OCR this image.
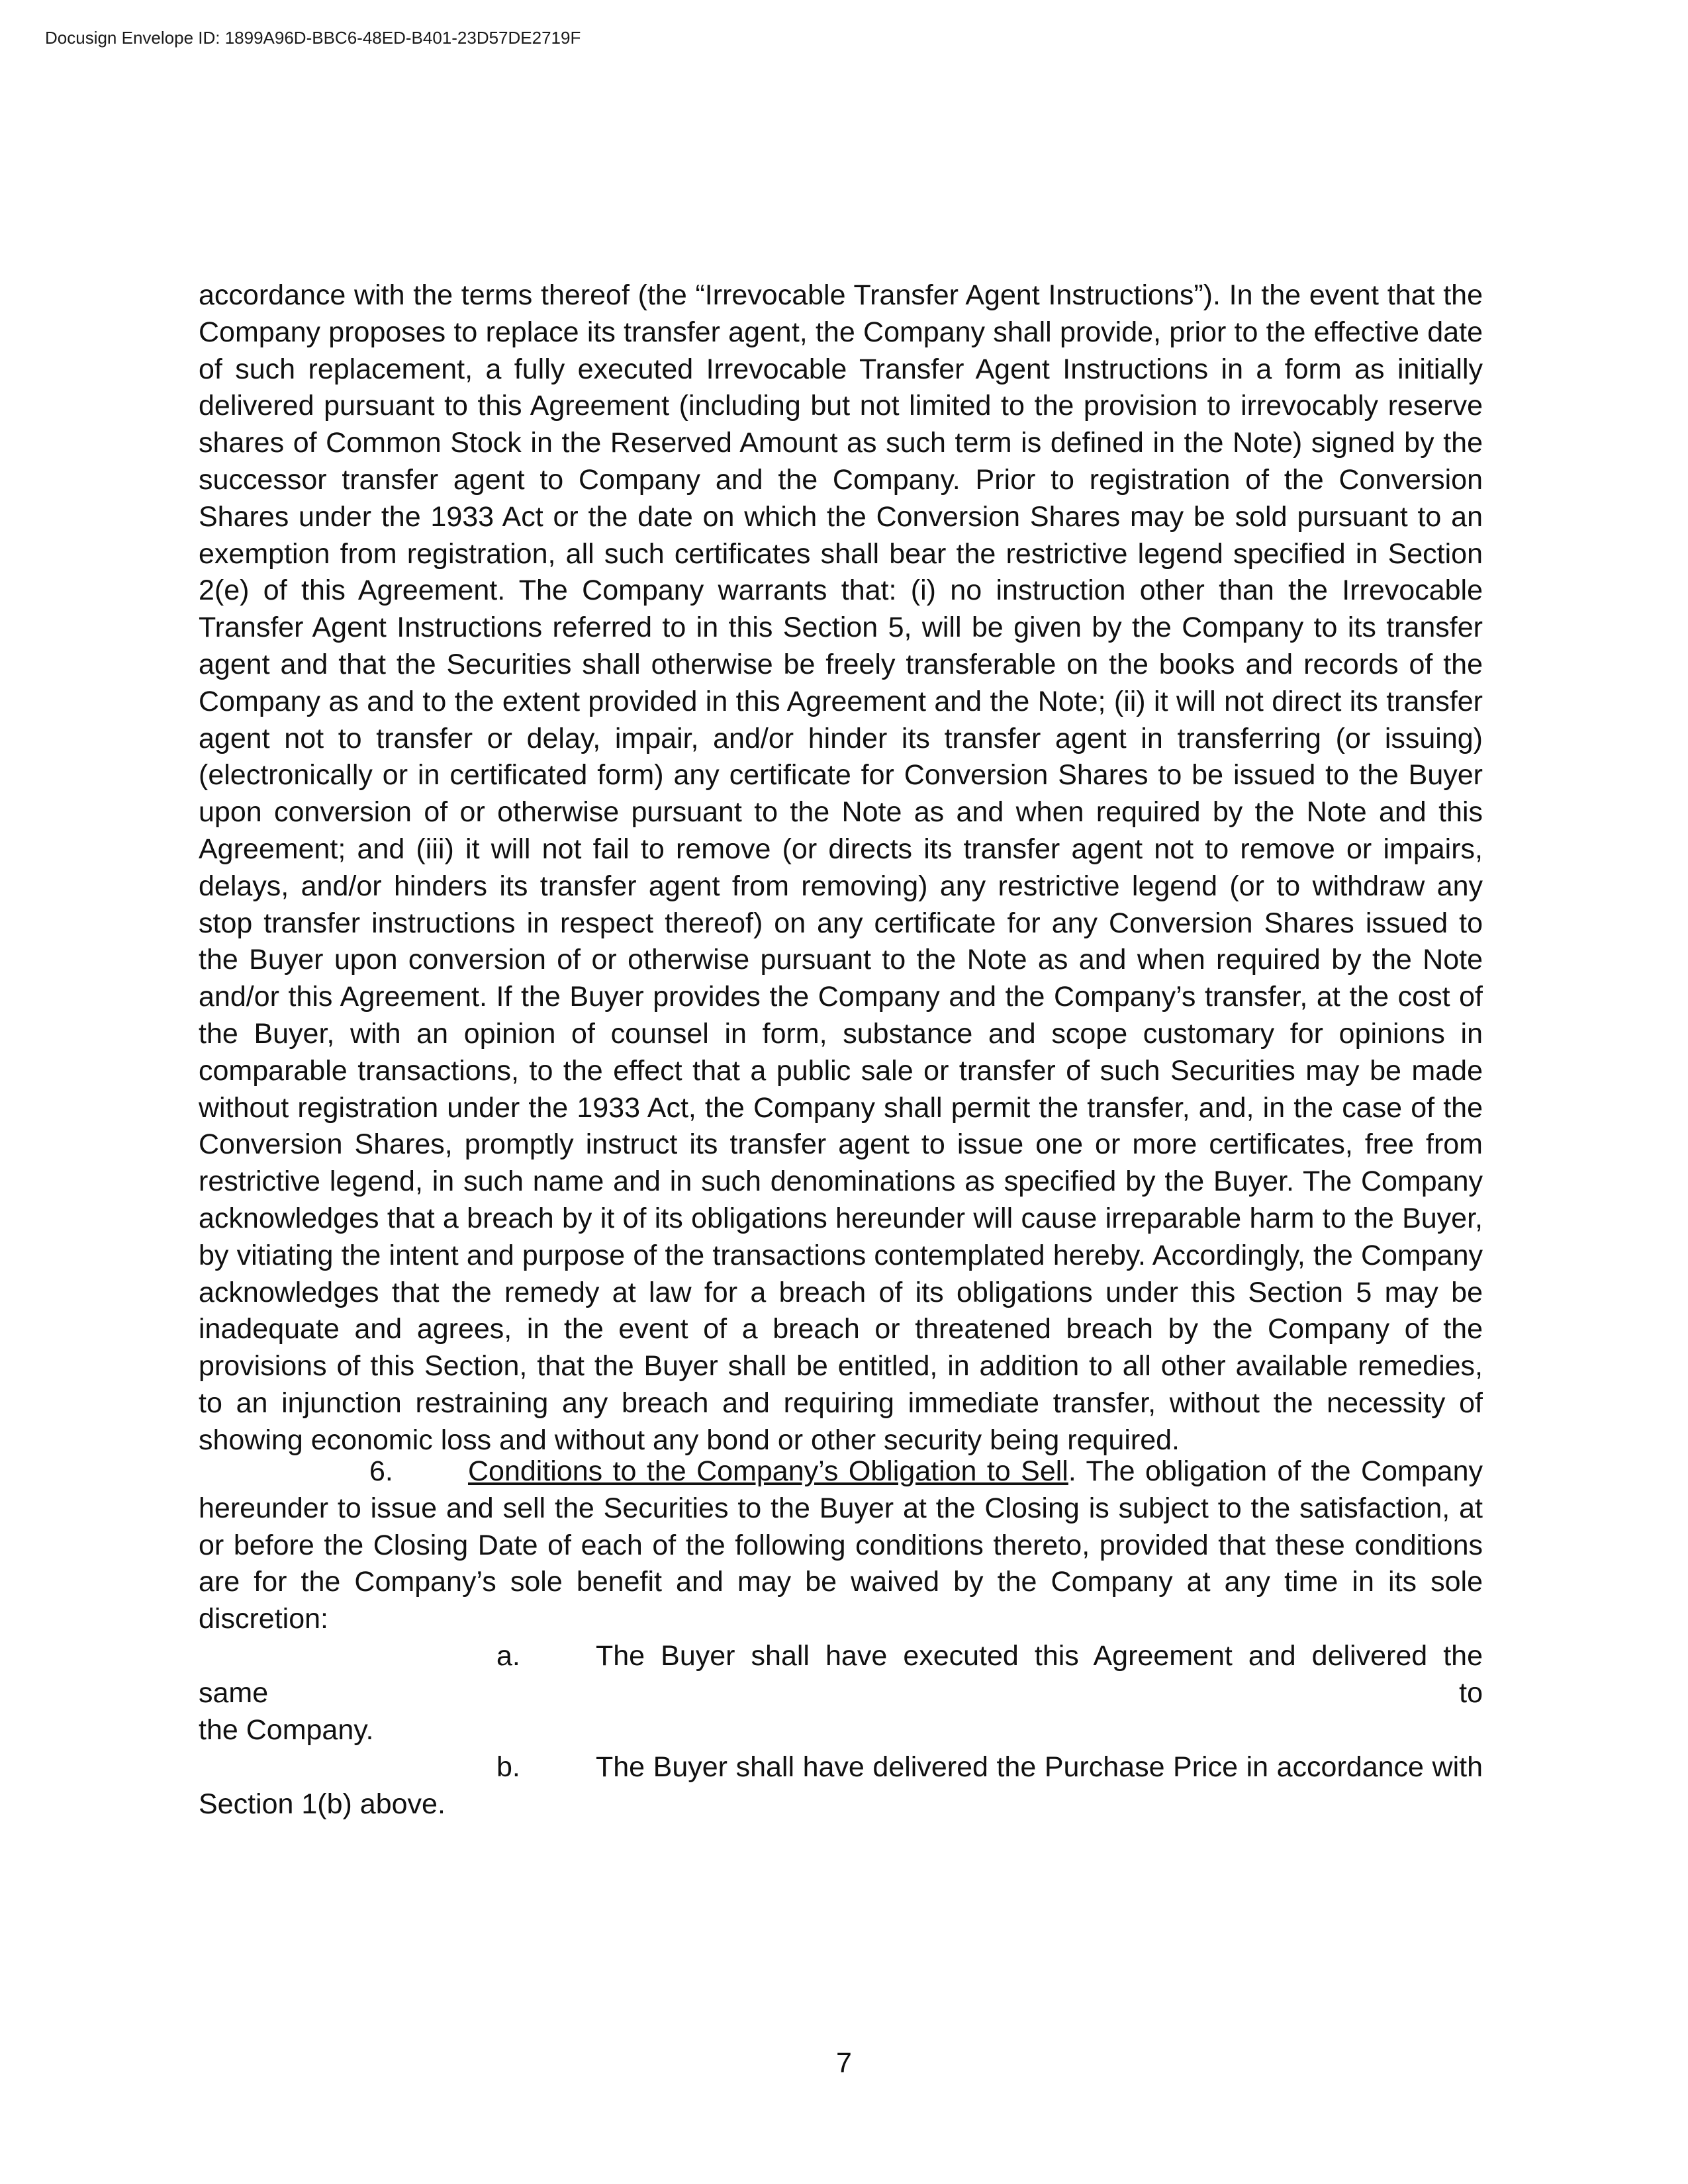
Docusign Envelope ID: 1899A96D-BBC6-48ED-B401-23D57DE2719F
accordance with the terms thereof (the “Irrevocable Transfer Agent Instructions”). In the event that the Company proposes to replace its transfer agent, the Company shall provide, prior to the effective date of such replacement, a fully executed Irrevocable Transfer Agent Instructions in a form as initially delivered pursuant to this Agreement (including but not limited to the provision to irrevocably reserve shares of Common Stock in the Reserved Amount as such term is defined in the Note) signed by the successor transfer agent to Company and the Company. Prior to registration of the Conversion Shares under the 1933 Act or the date on which the Conversion Shares may be sold pursuant to an exemption from registration, all such certificates shall bear the restrictive legend specified in Section 2(e) of this Agreement. The Company warrants that: (i) no instruction other than the Irrevocable Transfer Agent Instructions referred to in this Section 5, will be given by the Company to its transfer agent and that the Securities shall otherwise be freely transferable on the books and records of the Company as and to the extent provided in this Agreement and the Note; (ii) it will not direct its transfer agent not to transfer or delay, impair, and/or hinder its transfer agent in transferring (or issuing)(electronically or in certificated form) any certificate for Conversion Shares to be issued to the Buyer upon conversion of or otherwise pursuant to the Note as and when required by the Note and this Agreement; and (iii) it will not fail to remove (or directs its transfer agent not to remove or impairs, delays, and/or hinders its transfer agent from removing) any restrictive legend (or to withdraw any stop transfer instructions in respect thereof) on any certificate for any Conversion Shares issued to the Buyer upon conversion of or otherwise pursuant to the Note as and when required by the Note and/or this Agreement. If the Buyer provides the Company and the Company’s transfer, at the cost of the Buyer, with an opinion of counsel in form, substance and scope customary for opinions in comparable transactions, to the effect that a public sale or transfer of such Securities may be made without registration under the 1933 Act, the Company shall permit the transfer, and, in the case of the Conversion Shares, promptly instruct its transfer agent to issue one or more certificates, free from restrictive legend, in such name and in such denominations as specified by the Buyer. The Company acknowledges that a breach by it of its obligations hereunder will cause irreparable harm to the Buyer, by vitiating the intent and purpose of the transactions contemplated hereby. Accordingly, the Company acknowledges that the remedy at law for a breach of its obligations under this Section 5 may be inadequate and agrees, in the event of a breach or threatened breach by the Company of the provisions of this Section, that the Buyer shall be entitled, in addition to all other available remedies, to an injunction restraining any breach and requiring immediate transfer, without the necessity of showing economic loss and without any bond or other security being required.
6.	Conditions to the Company’s Obligation to Sell. The obligation of the Company hereunder to issue and sell the Securities to the Buyer at the Closing is subject to the satisfaction, at or before the Closing Date of each of the following conditions thereto, provided that these conditions are for the Company’s sole benefit and may be waived by the Company at any time in its sole discretion:
a.	The Buyer shall have executed this Agreement and delivered the same to
the Company.
b.	The Buyer shall have delivered the Purchase Price in accordance with
Section 1(b) above.
7
